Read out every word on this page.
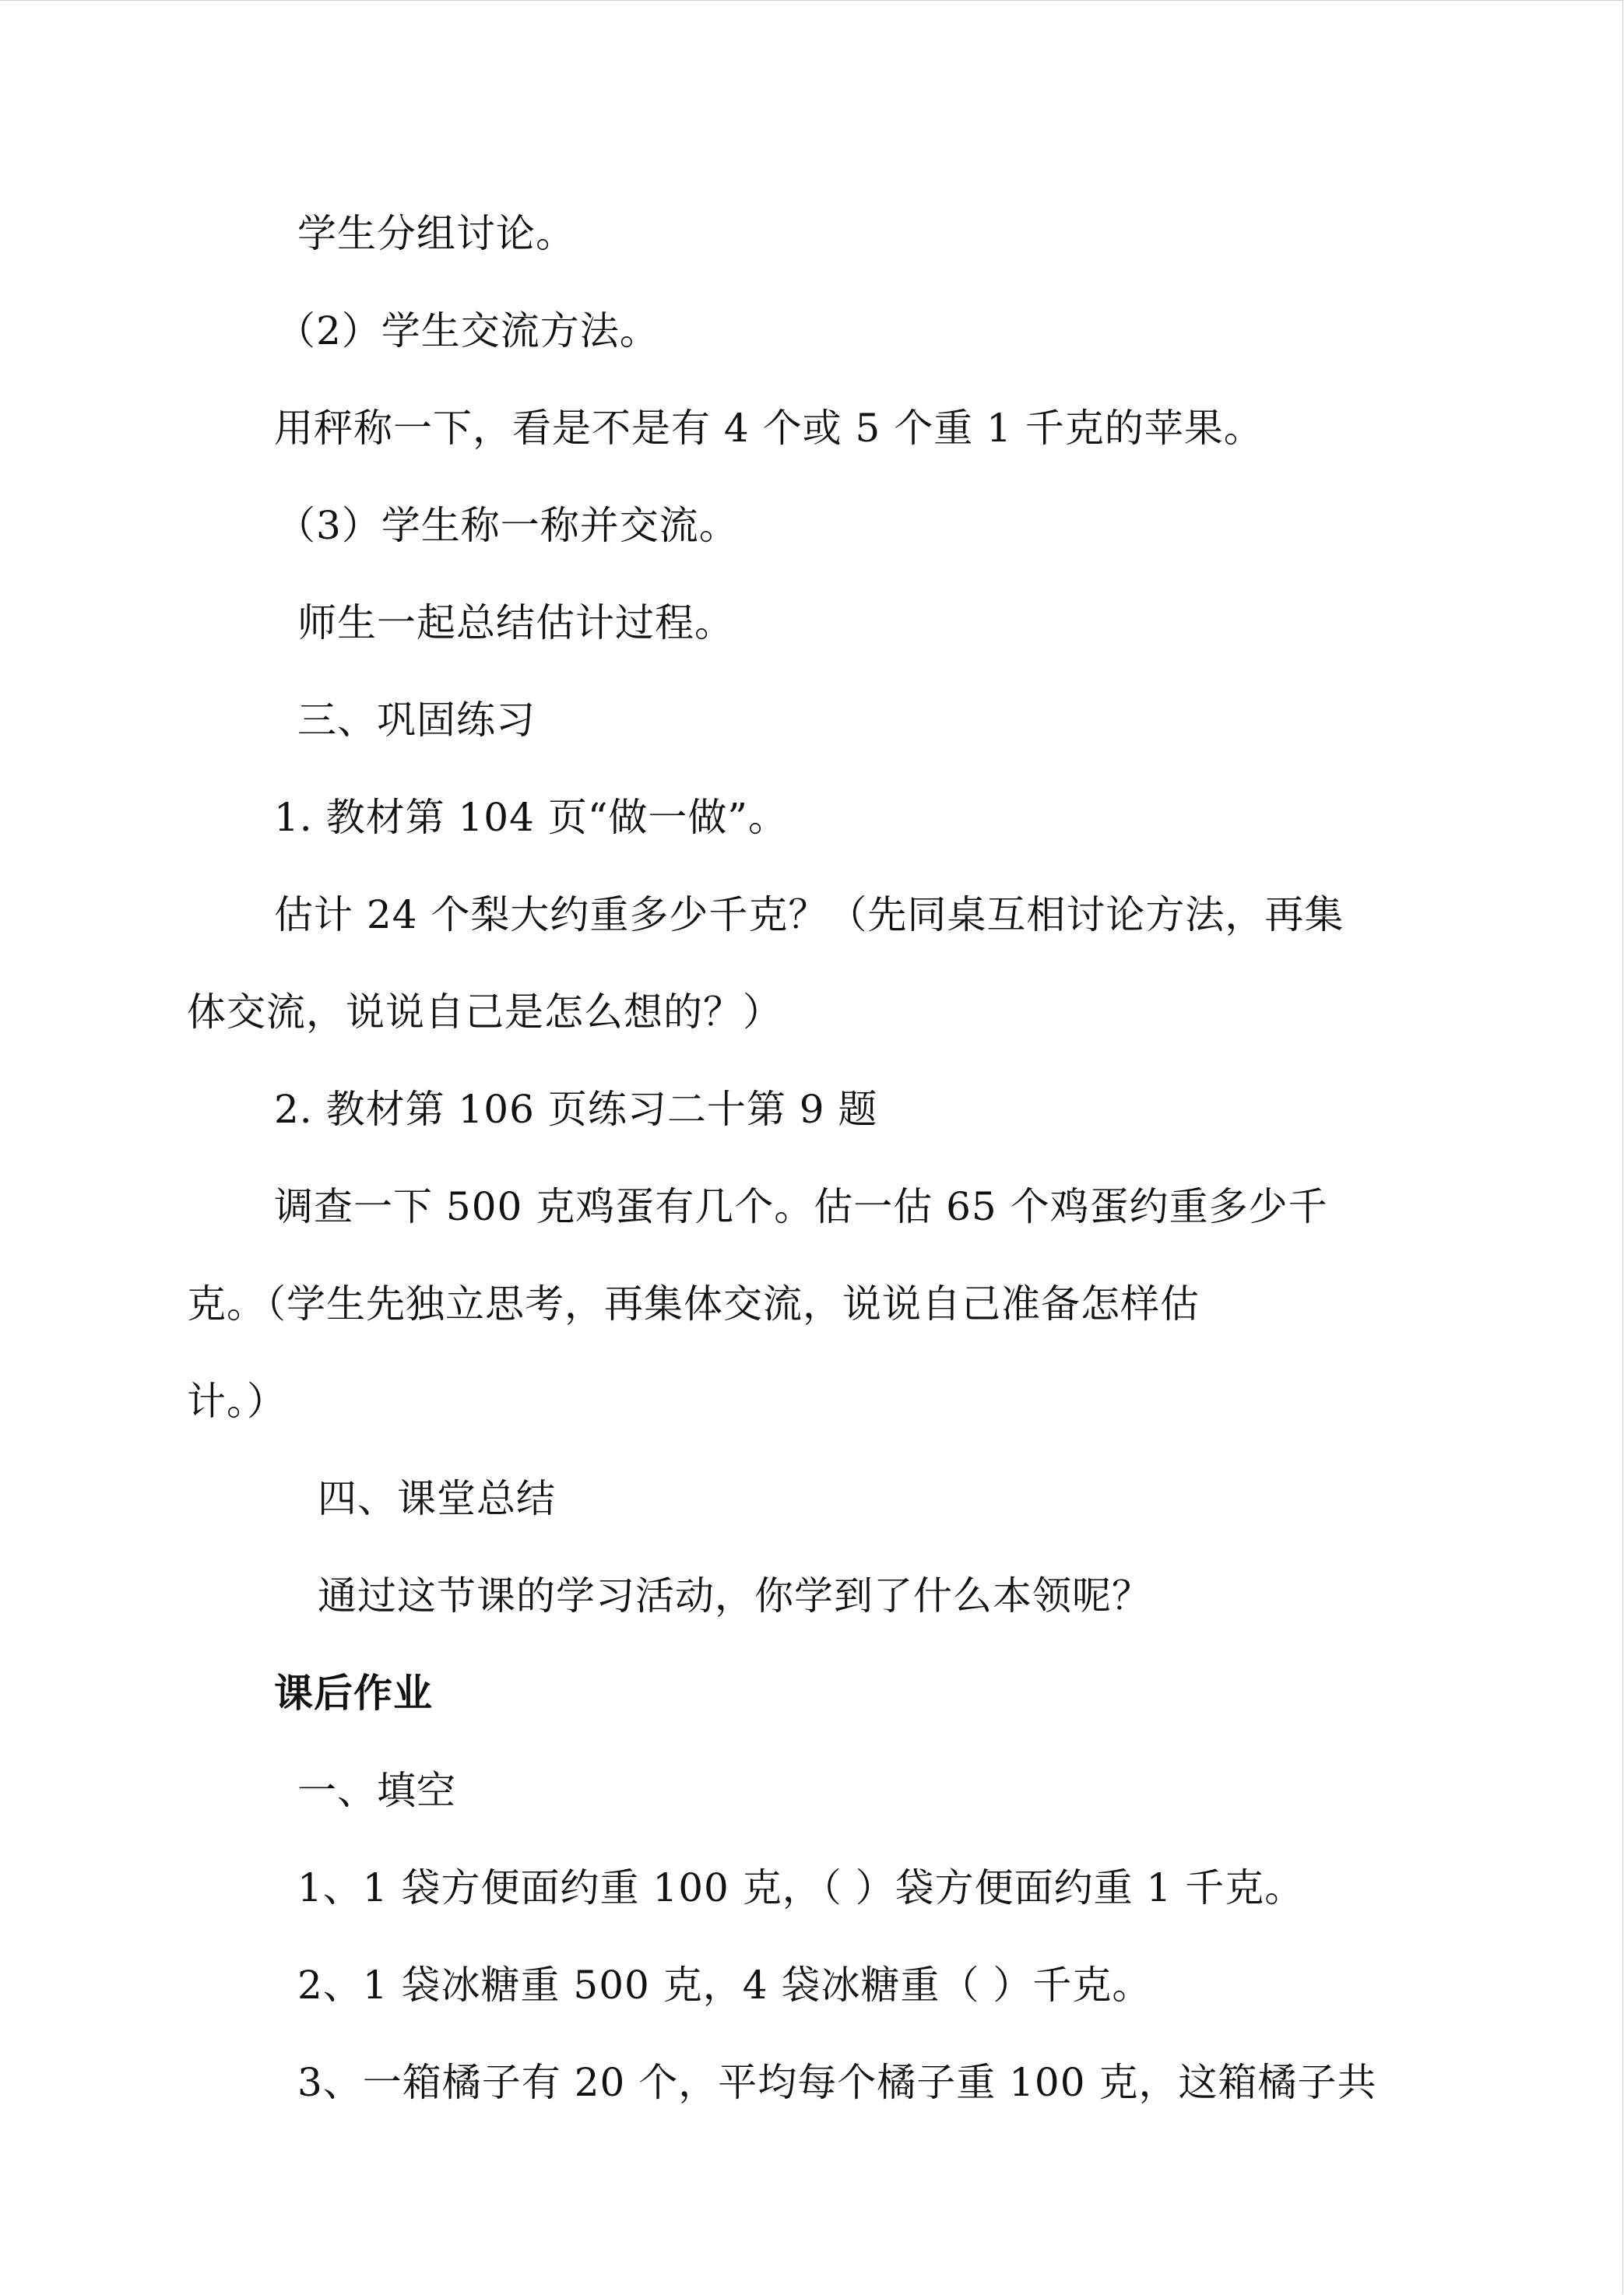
学生分组讨论。
（2）学生交流方法。
用秤称一下，看是不是有 4 个或 5 个重 1 千克的苹果。
（3）学生称一称并交流。
师生一起总结估计过程。
三、巩固练习
1. 教材第 104 页“做一做”。
估计 24 个梨大约重多少千克？（先同桌互相讨论方法，再集
体交流，说说自己是怎么想的？）
2. 教材第 106 页练习二十第 9 题
调查一下 500 克鸡蛋有几个。估一估 65 个鸡蛋约重多少千
克。（学生先独立思考，再集体交流，说说自己准备怎样估
计。）
四、课堂总结
通过这节课的学习活动，你学到了什么本领呢？
课后作业
一、填空
1、1 袋方便面约重 100 克，（ ）袋方便面约重 1 千克。
2、1 袋冰糖重 500 克，4 袋冰糖重（ ）千克。
3、一箱橘子有 20 个，平均每个橘子重 100 克，这箱橘子共
